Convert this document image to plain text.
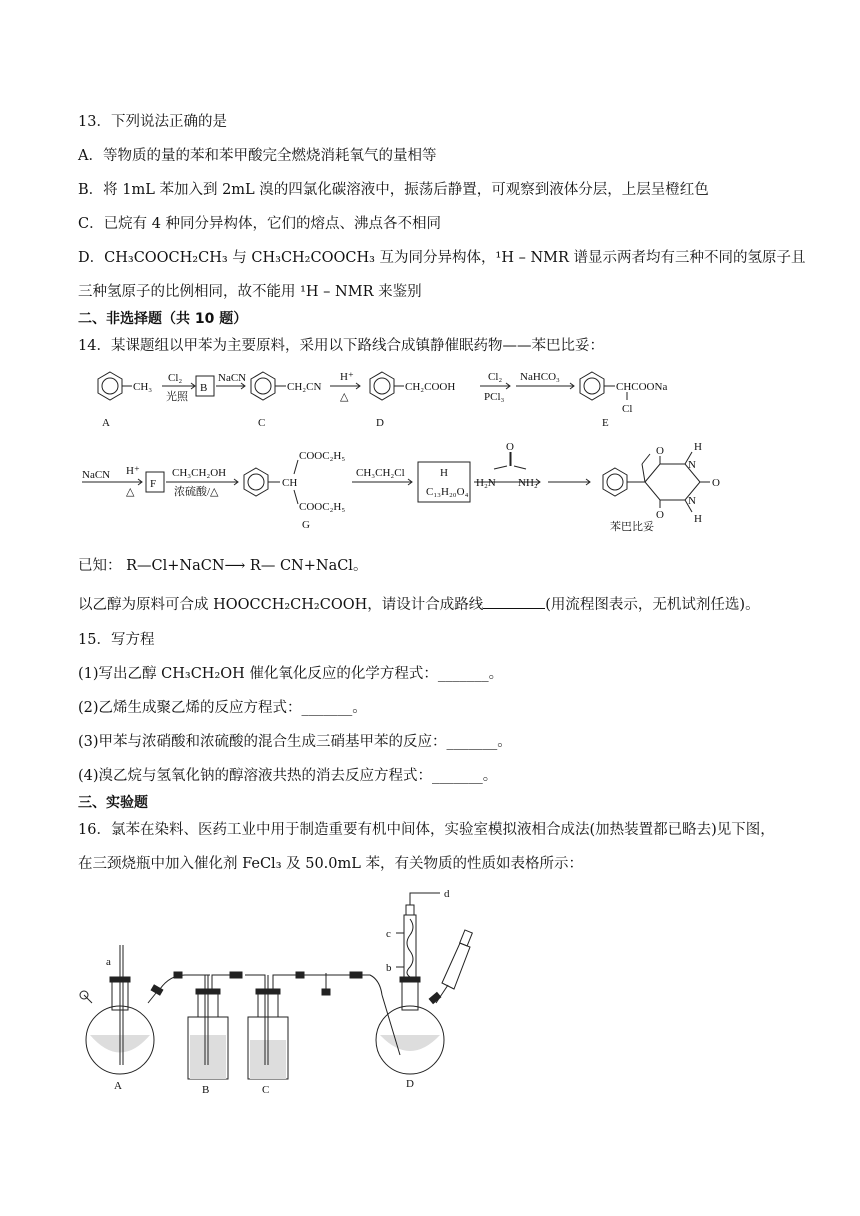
13．下列说法正确的是
A．等物质的量的苯和苯甲酸完全燃烧消耗氧气的量相等
B．将 1mL 苯加入到 2mL 溴的四氯化碳溶液中，振荡后静置，可观察到液体分层，上层呈橙红色
C．已烷有 4 种同分异构体，它们的熔点、沸点各不相同
D．CH₃COOCH₂CH₃ 与 CH₃CH₂COOCH₃ 互为同分异构体，¹H – NMR 谱显示两者均有三种不同的氢原子且
三种氢原子的比例相同，故不能用 ¹H – NMR 来鉴别
二、非选择题（共 10 题）
14．某课题组以甲苯为主要原料，采用以下路线合成镇静催眠药物——苯巴比妥：
A
CH₃
Cl₂
光照
B
NaCN
C
CH₂CN
H⁺
△
D
CH₂COOH
Cl₂
PCl₃
NaHCO₃
CHCOONa
Cl
E
NaCN H⁺
△
F
CH₃CH₂OH
浓硫酸/△
CH
COOC₂H₅
COOC₂H₅
G
CH₃CH₂Cl	H
C₁₃H₂₀O₄
O
H₂N NH₂
O
O
O
N
N
H
H
苯巴比妥
已知： R—Cl+NaCN⟶ R— CN+NaCl。
以乙醇为原料可合成 HOOCCH₂CH₂COOH，请设计合成路线	(用流程图表示，无机试剂任选)。
15．写方程
(1)写出乙醇 CH₃CH₂OH 催化氧化反应的化学方程式：_______。
(2)乙烯生成聚乙烯的反应方程式：_______。
(3)甲苯与浓硝酸和浓硫酸的混合生成三硝基甲苯的反应：_______。
(4)溴乙烷与氢氧化钠的醇溶液共热的消去反应方程式：_______。
三、实验题
16．氯苯在染料、医药工业中用于制造重要有机中间体，实验室模拟液相合成法(加热装置都已略去)见下图，
在三颈烧瓶中加入催化剂 FeCl₃ 及 50.0mL 苯，有关物质的性质如表格所示：
a
c
b
d
A	B	C	D
